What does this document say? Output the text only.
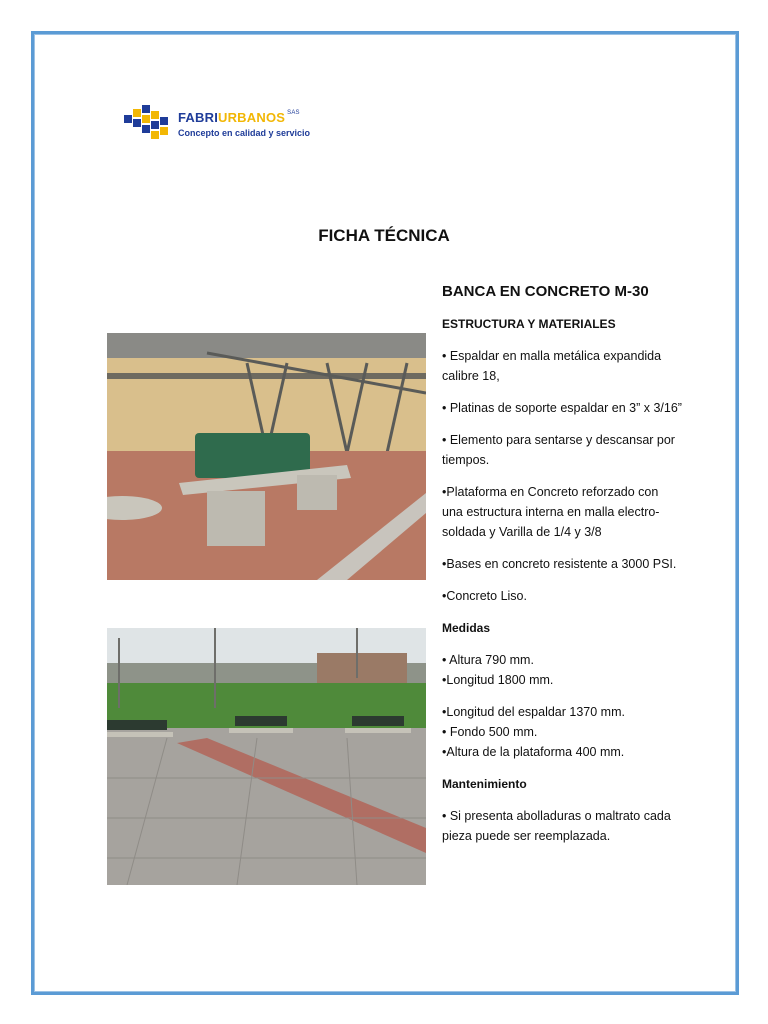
FABRIURBANOS $^{SAS}$
Concepto en calidad y servicio
FICHA TÉCNICA

BANCA EN CONCRETO M-30

ESTRUCTURA Y MATERIALES

• Espaldar en malla metálica expandida calibre 18,

• Platinas de soporte espaldar en 3” x 3/16”

• Elemento para sentarse y descansar por tiempos.

•Plataforma en Concreto reforzado con una estructura interna en malla electro-soldada y Varilla de 1/4 y 3/8

•Bases en concreto resistente a 3000 PSI.

•Concreto Liso.

Medidas

• Altura 790 mm.
•Longitud 1800 mm.

•Longitud del espaldar 1370 mm.
• Fondo 500 mm.
•Altura de la plataforma 400 mm.

Mantenimiento

• Si presenta abolladuras o maltrato cada pieza puede ser reemplazada.
